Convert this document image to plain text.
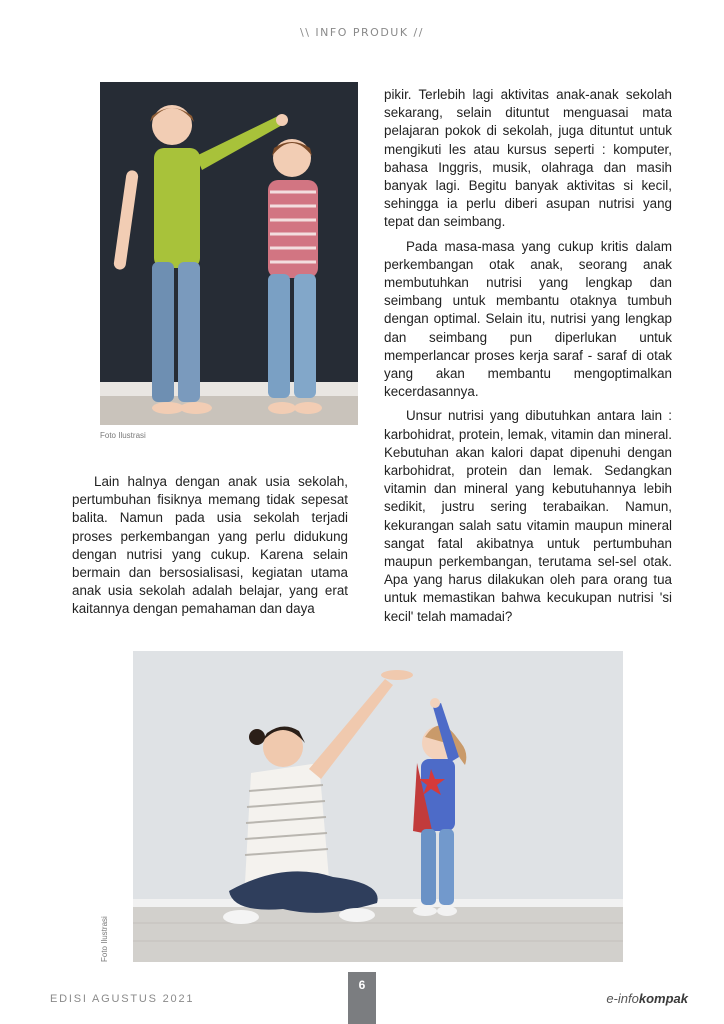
\\ INFO PRODUK //
Foto Ilustrasi

Lain halnya dengan anak usia sekolah, pertumbuhan fisiknya memang tidak sepesat balita. Namun pada usia sekolah terjadi proses perkembangan yang perlu didukung dengan nutrisi yang cukup. Karena selain bermain dan bersosialisasi, kegiatan utama anak usia sekolah adalah belajar, yang erat kaitannya dengan pemahaman dan daya

pikir. Terlebih lagi aktivitas anak-anak sekolah sekarang, selain dituntut menguasai mata pelajaran pokok di sekolah, juga dituntut untuk mengikuti les atau kursus seperti : komputer, bahasa Inggris, musik, olahraga dan masih banyak lagi. Begitu banyak aktivitas si kecil, sehingga ia perlu diberi asupan nutrisi yang tepat dan seimbang.

Pada masa-masa yang cukup kritis dalam perkembangan otak anak, seorang anak membutuhkan nutrisi yang lengkap dan seimbang untuk membantu otaknya tumbuh dengan optimal. Selain itu, nutrisi yang lengkap dan seimbang pun diperlukan untuk memperlancar proses kerja saraf - saraf di otak yang akan membantu mengoptimalkan kecerdasannya.

Unsur nutrisi yang dibutuhkan antara lain : karbohidrat, protein, lemak, vitamin dan mineral. Kebutuhan akan kalori dapat dipenuhi dengan karbohidrat, protein dan lemak. Sedangkan vitamin dan mineral yang kebutuhannya lebih sedikit, justru sering terabaikan. Namun, kekurangan salah satu vitamin maupun mineral sangat fatal akibatnya untuk pertumbuhan maupun perkembangan, terutama sel-sel otak. Apa yang harus dilakukan oleh para orang tua untuk memastikan bahwa kecukupan nutrisi 'si kecil' telah mamadai?

Foto Ilustrasi
EDISI AGUSTUS 2021
6
e-infokompak
